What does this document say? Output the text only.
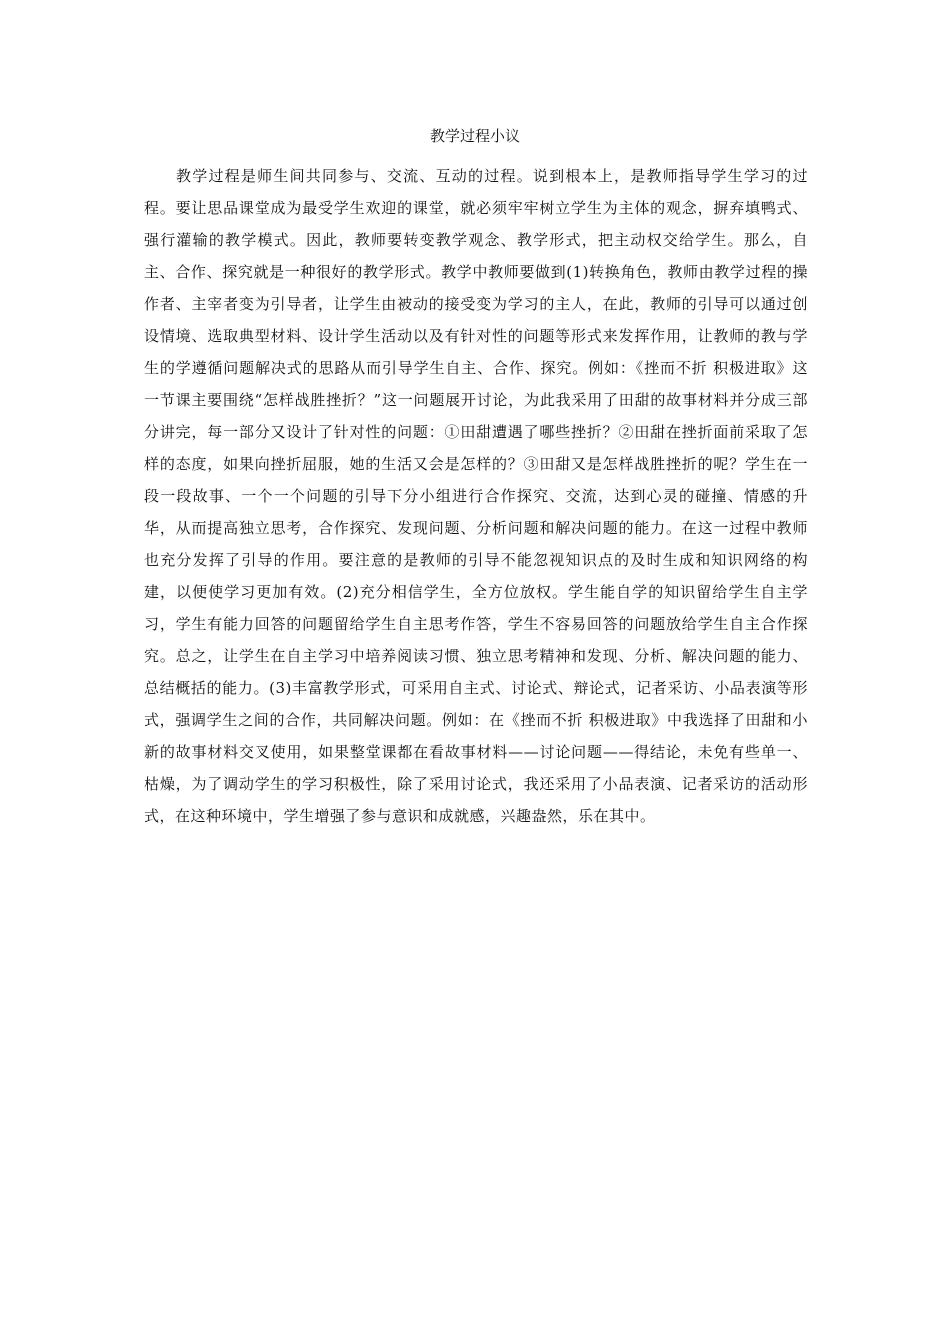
教学过程小议

教学过程是师生间共同参与、交流、互动的过程。说到根本上，是教师指导学生学习的过程。要让思品课堂成为最受学生欢迎的课堂，就必须牢牢树立学生为主体的观念，摒弃填鸭式、强行灌输的教学模式。因此，教师要转变教学观念、教学形式，把主动权交给学生。那么，自主、合作、探究就是一种很好的教学形式。教学中教师要做到(1)转换角色，教师由教学过程的操作者、主宰者变为引导者，让学生由被动的接受变为学习的主人，在此，教师的引导可以通过创设情境、选取典型材料、设计学生活动以及有针对性的问题等形式来发挥作用，让教师的教与学生的学遵循问题解决式的思路从而引导学生自主、合作、探究。例如：《挫而不折 积极进取》这一节课主要围绕“怎样战胜挫折？”这一问题展开讨论，为此我采用了田甜的故事材料并分成三部分讲完，每一部分又设计了针对性的问题：①田甜遭遇了哪些挫折？②田甜在挫折面前采取了怎样的态度，如果向挫折屈服，她的生活又会是怎样的？③田甜又是怎样战胜挫折的呢？学生在一段一段故事、一个一个问题的引导下分小组进行合作探究、交流，达到心灵的碰撞、情感的升华，从而提高独立思考，合作探究、发现问题、分析问题和解决问题的能力。在这一过程中教师也充分发挥了引导的作用。要注意的是教师的引导不能忽视知识点的及时生成和知识网络的构建，以便使学习更加有效。(2)充分相信学生，全方位放权。学生能自学的知识留给学生自主学习，学生有能力回答的问题留给学生自主思考作答，学生不容易回答的问题放给学生自主合作探究。总之，让学生在自主学习中培养阅读习惯、独立思考精神和发现、分析、解决问题的能力、总结概括的能力。(3)丰富教学形式，可采用自主式、讨论式、辩论式，记者采访、小品表演等形式，强调学生之间的合作，共同解决问题。例如：在《挫而不折 积极进取》中我选择了田甜和小新的故事材料交叉使用，如果整堂课都在看故事材料——讨论问题——得结论，未免有些单一、枯燥，为了调动学生的学习积极性，除了采用讨论式，我还采用了小品表演、记者采访的活动形式，在这种环境中，学生增强了参与意识和成就感，兴趣盎然，乐在其中。
